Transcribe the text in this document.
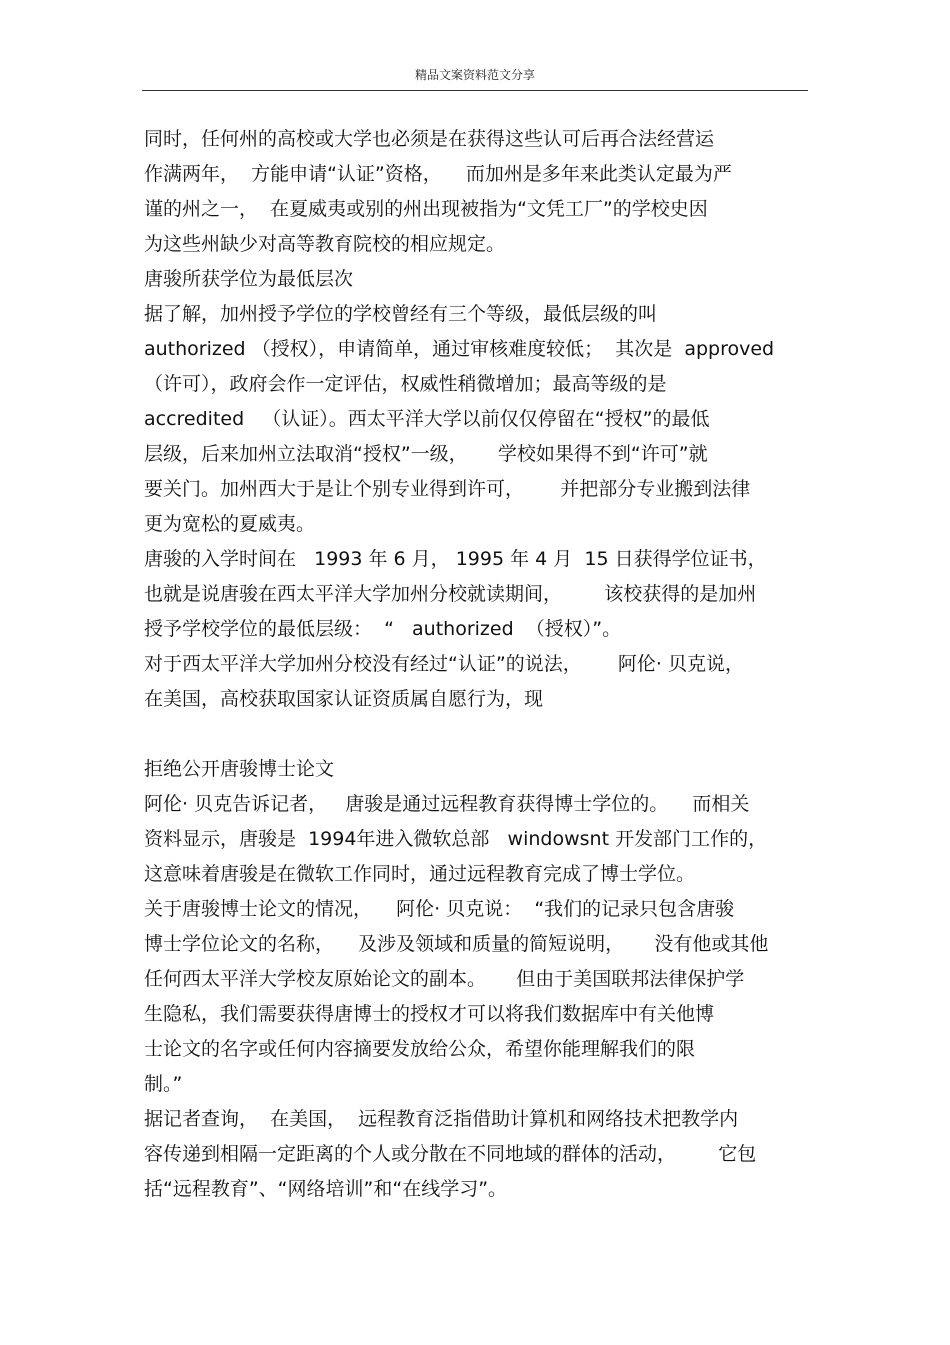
精品文案资料范文分享
同时，任何州的高校或大学也必须是在获得这些认可后再合法经营运
作满两年，  方能申请“认证”资格，    而加州是多年来此类认定最为严
谨的州之一，  在夏威夷或别的州出现被指为“文凭工厂”的学校史因
为这些州缺少对高等教育院校的相应规定。
唐骏所获学位为最低层次
据了解，加州授予学位的学校曾经有三个等级，最低层级的叫
authorized （授权），申请简单，通过审核难度较低；  其次是  approved
（许可），政府会作一定评估，权威性稍微增加；最高等级的是
accredited   （认证）。西太平洋大学以前仅仅停留在“授权”的最低
层级，后来加州立法取消“授权”一级，     学校如果得不到“许可”就
要关门。加州西大于是让个别专业得到许可，      并把部分专业搬到法律
更为宽松的夏威夷。
唐骏的入学时间在   1993 年 6 月， 1995 年 4 月  15 日获得学位证书，
也就是说唐骏在西太平洋大学加州分校就读期间，       该校获得的是加州
授予学校学位的最低层级：  “   authorized  （授权）”。
对于西太平洋大学加州分校没有经过“认证”的说法，      阿伦· 贝克说，
在美国，高校获取国家认证资质属自愿行为，现
拒绝公开唐骏博士论文
阿伦· 贝克告诉记者，   唐骏是通过远程教育获得博士学位的。    而相关
资料显示，唐骏是  1994年进入微软总部   windowsnt 开发部门工作的，
这意味着唐骏是在微软工作同时，通过远程教育完成了博士学位。
关于唐骏博士论文的情况，    阿伦· 贝克说：  “我们的记录只包含唐骏
博士学位论文的名称，    及涉及领域和质量的简短说明，     没有他或其他
任何西太平洋大学校友原始论文的副本。     但由于美国联邦法律保护学
生隐私，我们需要获得唐博士的授权才可以将我们数据库中有关他博
士论文的名字或任何内容摘要发放给公众，希望你能理解我们的限
制。”
据记者查询，  在美国，  远程教育泛指借助计算机和网络技术把教学内
容传递到相隔一定距离的个人或分散在不同地域的群体的活动，       它包
括“远程教育”、“网络培训”和“在线学习”。
